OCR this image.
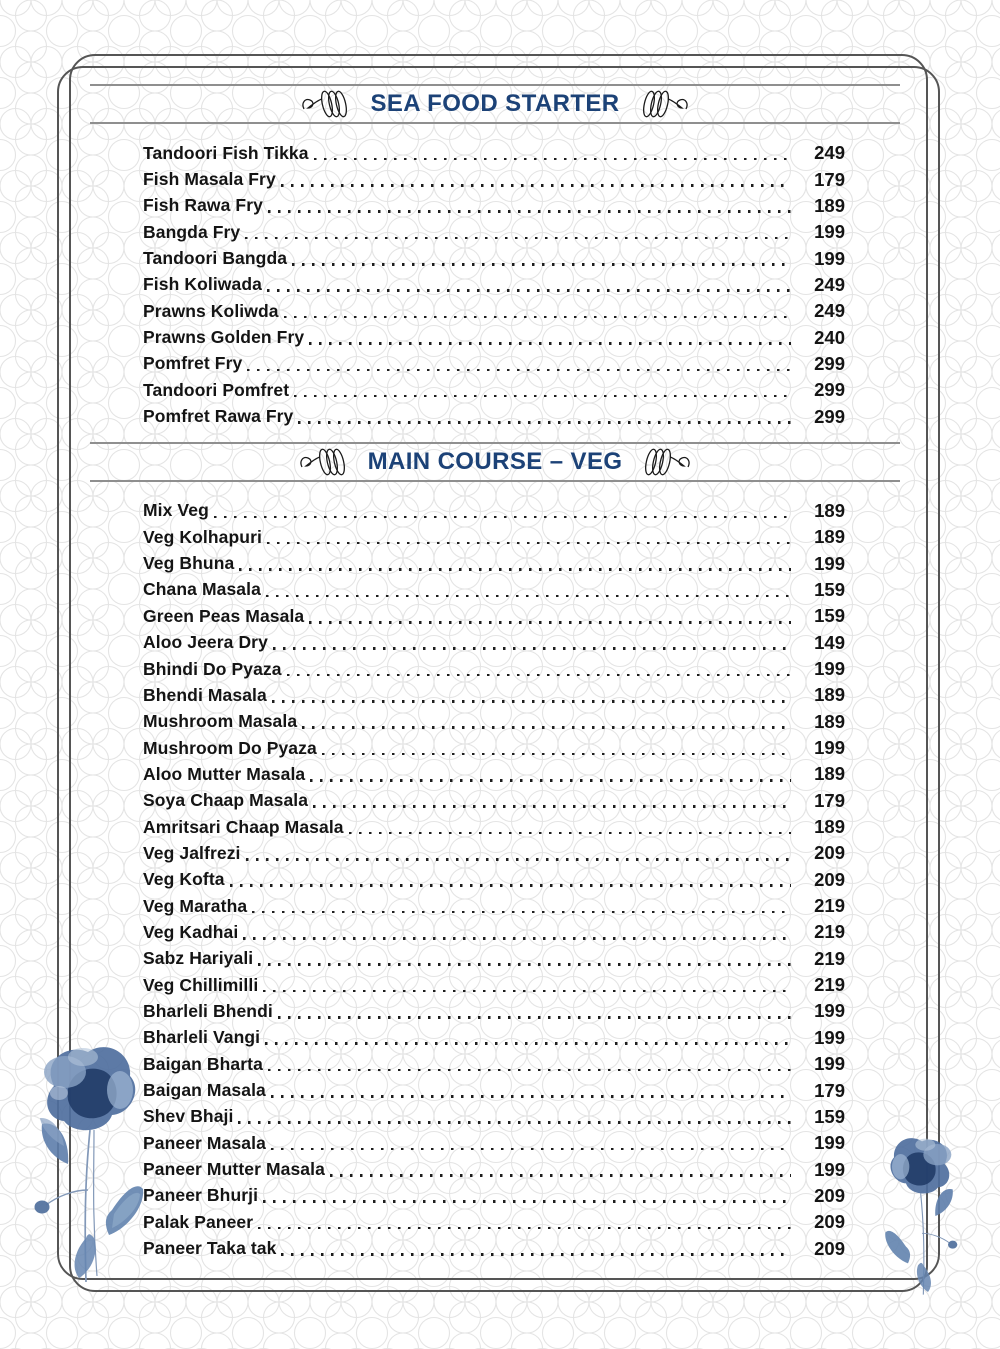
SEA FOOD STARTER
Tandoori Fish Tikka	249
Fish Masala Fry	179
Fish Rawa Fry	189
Bangda Fry	199
Tandoori Bangda	199
Fish Koliwada	249
Prawns Koliwda	249
Prawns Golden Fry	240
Pomfret Fry	299
Tandoori Pomfret	299
Pomfret Rawa Fry	299
MAIN COURSE – VEG
Mix Veg	189
Veg Kolhapuri	189
Veg Bhuna	199
Chana Masala	159
Green Peas Masala	159
Aloo Jeera Dry	149
Bhindi Do Pyaza	199
Bhendi Masala	189
Mushroom Masala	189
Mushroom Do Pyaza	199
Aloo Mutter Masala	189
Soya Chaap Masala	179
Amritsari Chaap Masala	189
Veg Jalfrezi	209
Veg Kofta	209
Veg Maratha	219
Veg Kadhai	219
Sabz Hariyali	219
Veg Chillimilli	219
Bharleli Bhendi	199
Bharleli Vangi	199
Baigan Bharta	199
Baigan Masala	179
Shev Bhaji	159
Paneer Masala	199
Paneer Mutter Masala	199
Paneer Bhurji	209
Palak Paneer	209
Paneer Taka tak	209
